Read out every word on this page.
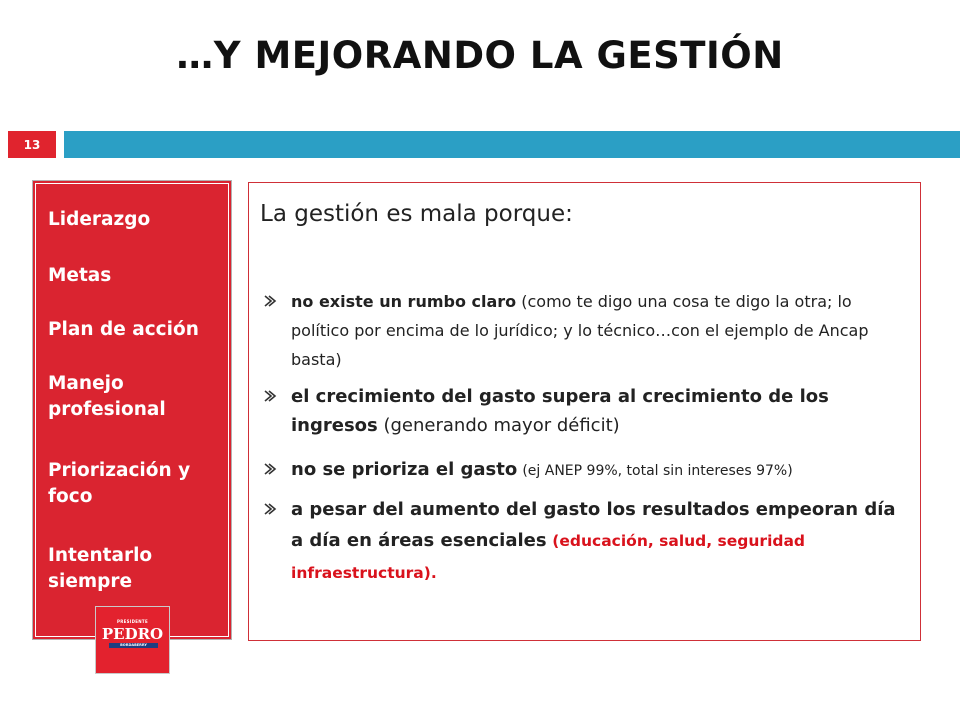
…Y MEJORANDO LA GESTIÓN
13
Liderazgo
Metas
Plan de acción
Manejo profesional
Priorización y foco
Intentarlo siempre
PRESIDENTE
PEDRO
BORDABERRY
La gestión es mala porque:
no existe un rumbo claro (como te digo una cosa te digo la otra; lo político por encima de lo jurídico; y lo técnico…con el ejemplo de Ancap basta)
el crecimiento del gasto supera al crecimiento de los ingresos (generando mayor déficit)
no se prioriza el gasto (ej ANEP 99%, total sin intereses 97%)
a pesar del aumento del gasto los resultados empeoran día a día en áreas esenciales (educación, salud, seguridad infraestructura).
